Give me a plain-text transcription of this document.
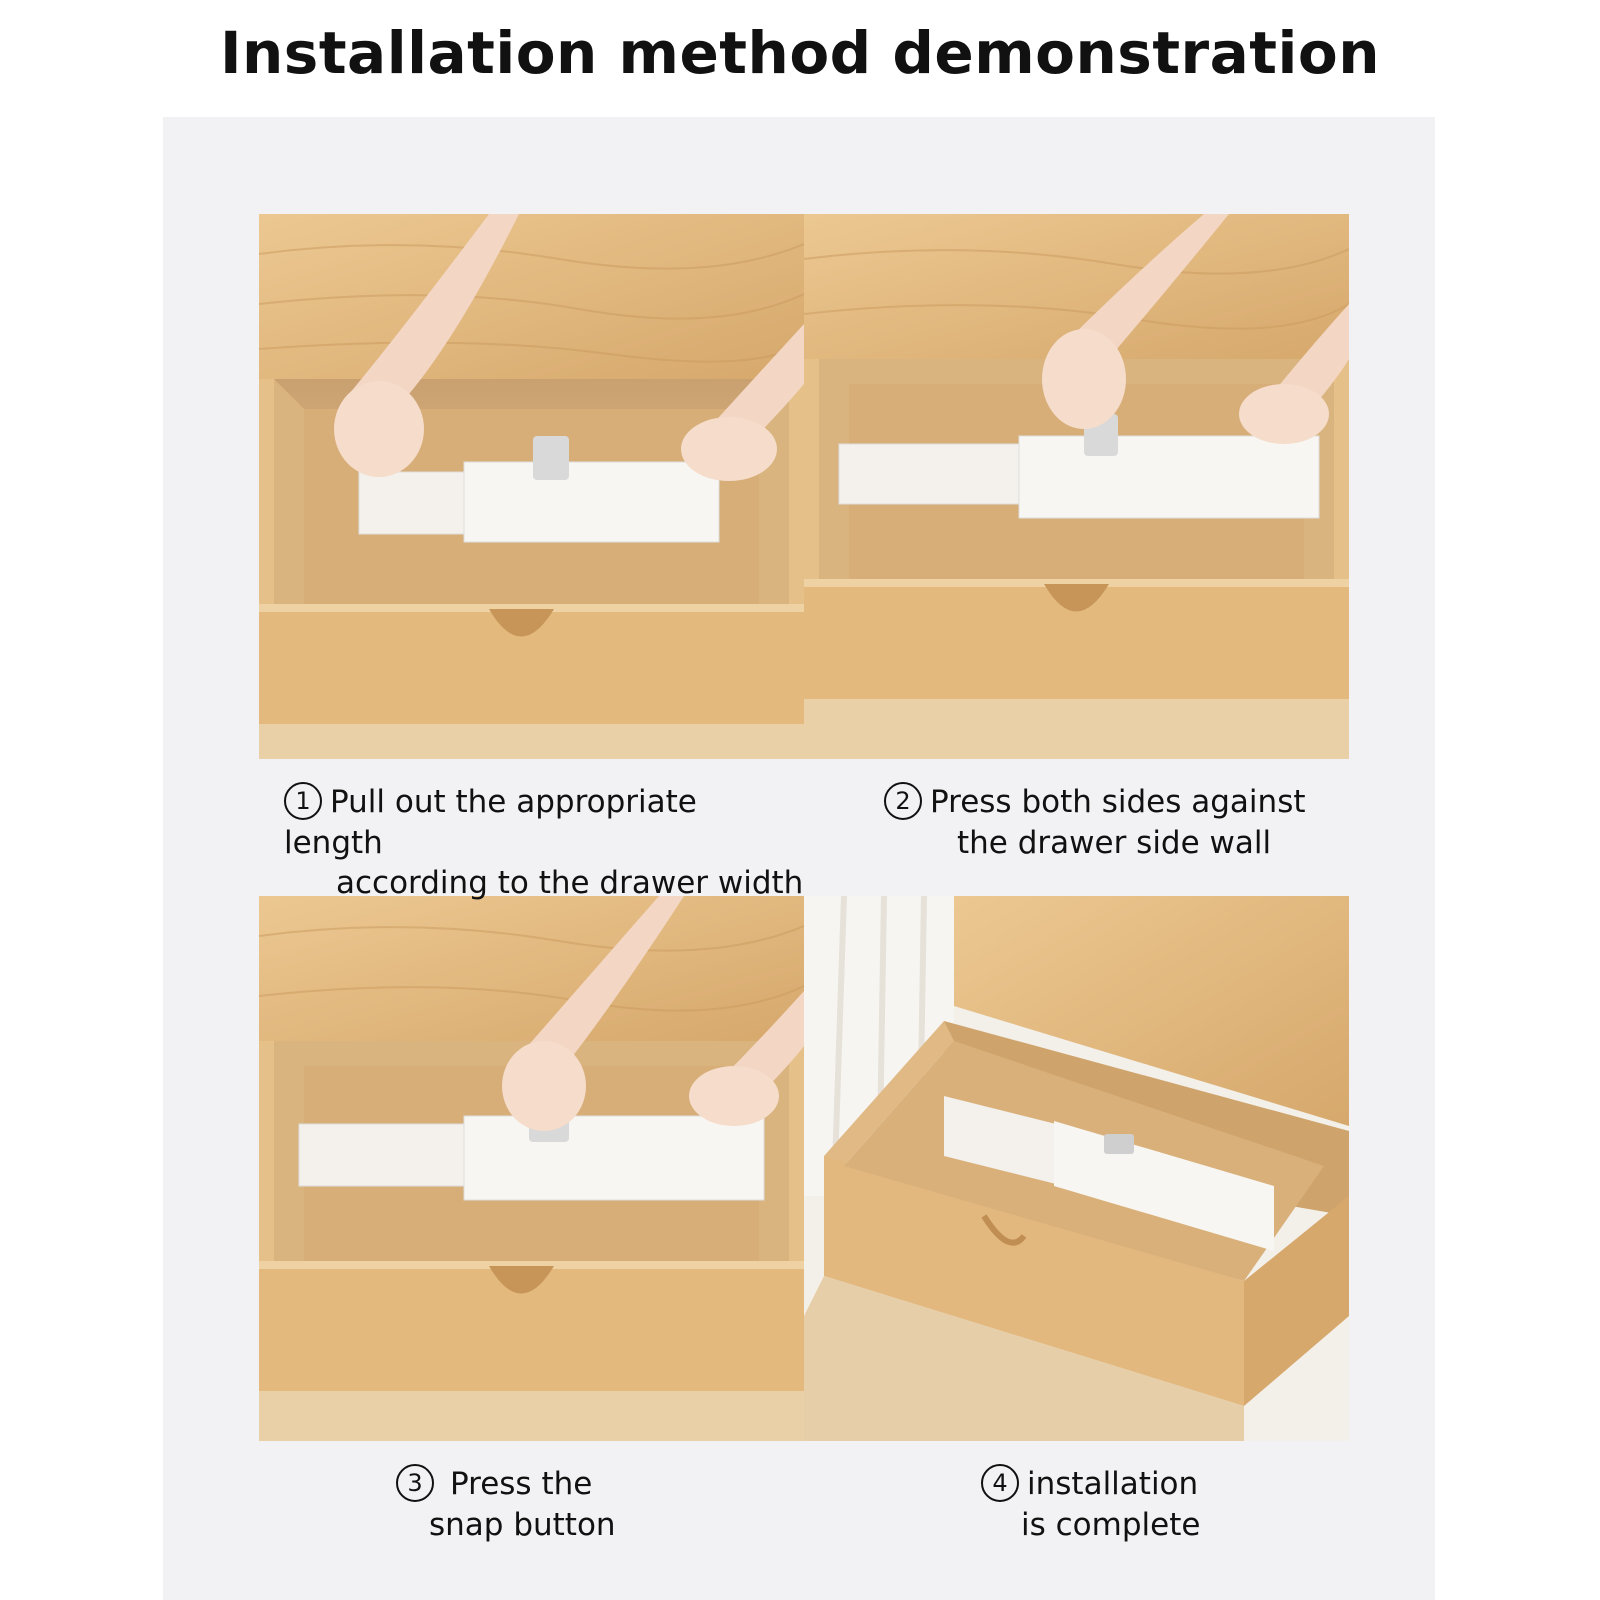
Installation method demonstration
1 Pull out the appropriate length
according to the drawer width
2 Press both sides against
the drawer side wall
3 Press the
snap button
4 installation
is complete
